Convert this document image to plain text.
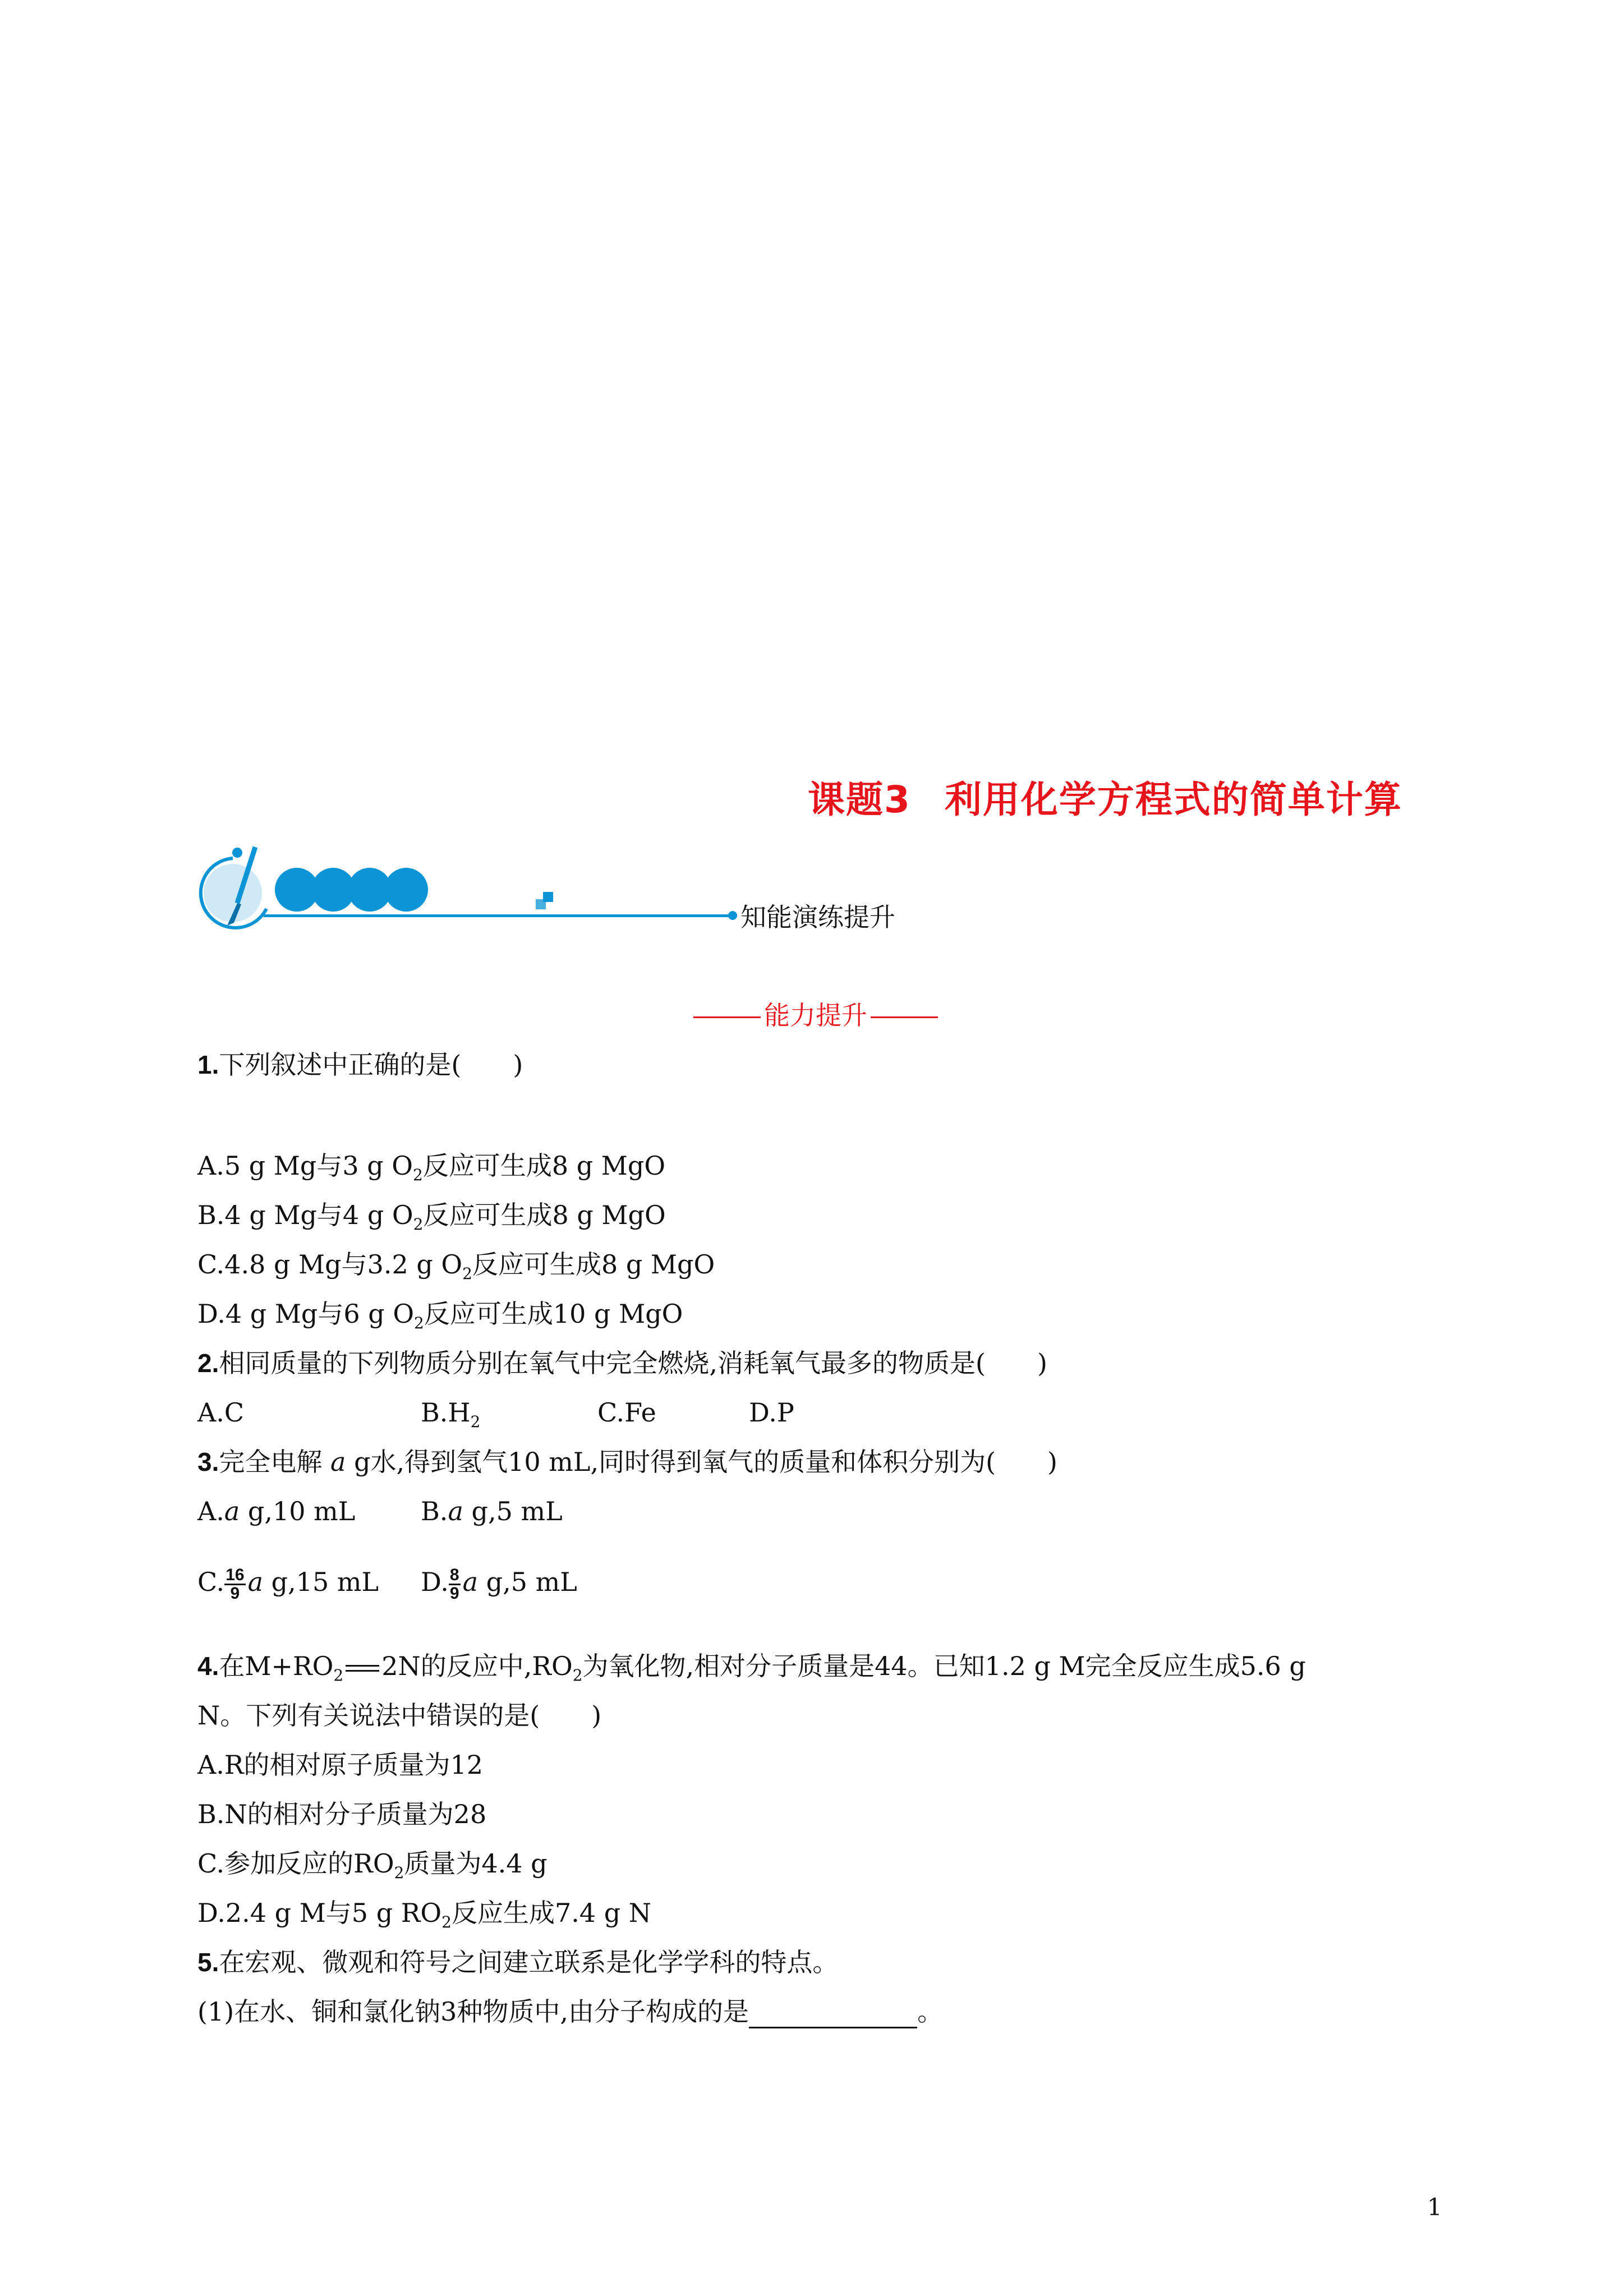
课题3 利用化学方程式的简单计算
知能演练提升
能力提升
1.下列叙述中正确的是(　　)
A.5 g Mg与3 g $O_2$反应可生成8 g MgO
B.4 g Mg与4 g $O_2$反应可生成8 g MgO
C.4.8 g Mg与3.2 g $O_2$反应可生成8 g MgO
D.4 g Mg与6 g $O_2$反应可生成10 g MgO
2.相同质量的下列物质分别在氧气中完全燃烧,消耗氧气最多的物质是(　　)
A.C	$B.H_2$	C.Fe	D.P
3.完全电解 a g水,得到氢气10 mL,同时得到氧气的质量和体积分别为(　　)
A.a g,10 mL	B.a g,5 mL
C. $\frac{16}{9}$ a g,15 mL D. $\frac{8}{9}$ a g,5 mL
4.在$M+RO_2$ 2N的反应中$,RO_2$为氧化物,相对分子质量是44。已知1.2 g M完全反应生成5.6 g
N。下列有关说法中错误的是(　　)
A.R的相对原子质量为12
B.N的相对分子质量为28
C.参加反应的$RO_2$质量为4.4 g
D.2.4 g M与5 g $RO_2$反应生成7.4 g N
5.在宏观、微观和符号之间建立联系是化学学科的特点。
(1)在水、铜和氯化钠3种物质中,由分子构成的是	。
1
